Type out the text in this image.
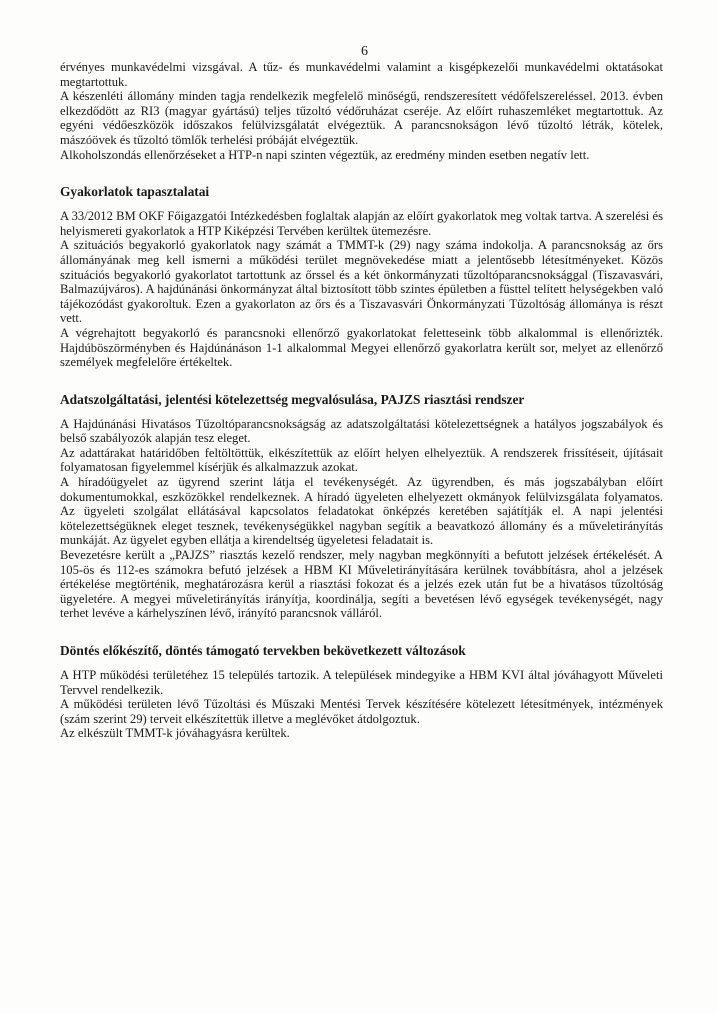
6

érvényes munkavédelmi vizsgával. A tűz- és munkavédelmi valamint a kisgépkezelői munkavédelmi oktatásokat megtartottuk.

A készenléti állomány minden tagja rendelkezik megfelelő minőségű, rendszeresített védőfelszereléssel. 2013. évben elkezdődött az RI3 (magyar gyártású) teljes tűzoltó védőruházat cseréje. Az előírt ruhaszemléket megtartottuk. Az egyéni védőeszközök időszakos felülvizsgálatát elvégeztük. A parancsnokságon lévő tűzoltó létrák, kötelek, mászóövek és tűzoltó tömlők terhelési próbáját elvégeztük.

Alkoholszondás ellenőrzéseket a HTP-n napi szinten végeztük, az eredmény minden esetben negatív lett.

Gyakorlatok tapasztalatai

A 33/2012 BM OKF Főigazgatói Intézkedésben foglaltak alapján az előírt gyakorlatok meg voltak tartva. A szerelési és helyismereti gyakorlatok a HTP Kiképzési Tervében kerültek ütemezésre.

A szituációs begyakorló gyakorlatok nagy számát a TMMT-k (29) nagy száma indokolja. A parancsnokság az őrs állományának meg kell ismerni a működési terület megnövekedése miatt a jelentősebb létesítményeket. Közös szituációs begyakorló gyakorlatot tartottunk az őrssel és a két önkormányzati tűzoltóparancsnoksággal (Tiszavasvári, Balmazújváros). A hajdúnánási önkormányzat által biztosított több szintes épületben a füsttel telített helységekben való tájékozódást gyakoroltuk. Ezen a gyakorlaton az őrs és a Tiszavasvári Önkormányzati Tűzoltóság állománya is részt vett.

A végrehajtott begyakorló és parancsnoki ellenőrző gyakorlatokat feletteseink több alkalommal is ellenőrizték. Hajdúböszörményben és Hajdúnánáson 1-1 alkalommal Megyei ellenőrző gyakorlatra került sor, melyet az ellenőrző személyek megfelelőre értékeltek.

Adatszolgáltatási, jelentési kötelezettség megvalósulása, PAJZS riasztási rendszer

A Hajdúnánási Hivatásos Tűzoltóparancsnokságság az adatszolgáltatási kötelezettségnek a hatályos jogszabályok és belső szabályozók alapján tesz eleget.

Az adattárakat határidőben feltöltöttük, elkészítettük az előírt helyen elhelyeztük. A rendszerek frissítéseit, újításait folyamatosan figyelemmel kísérjük és alkalmazzuk azokat.

A híradóügyelet az ügyrend szerint látja el tevékenységét. Az ügyrendben, és más jogszabályban előírt dokumentumokkal, eszközökkel rendelkeznek. A híradó ügyeleten elhelyezett okmányok felülvizsgálata folyamatos. Az ügyeleti szolgálat ellátásával kapcsolatos feladatokat önképzés keretében sajátítják el. A napi jelentési kötelezettségüknek eleget tesznek, tevékenységükkel nagyban segítik a beavatkozó állomány és a műveletirányítás munkáját. Az ügyelet egyben ellátja a kirendeltség ügyeletesi feladatait is.

Bevezetésre került a „PAJZS” riasztás kezelő rendszer, mely nagyban megkönnyíti a befutott jelzések értékelését. A 105-ös és 112-es számokra befutó jelzések a HBM KI Műveletirányítására kerülnek továbbításra, ahol a jelzések értékelése megtörténik, meghatározásra kerül a riasztási fokozat és a jelzés ezek után fut be a hivatásos tűzoltóság ügyeletére. A megyei műveletirányítás irányítja, koordinálja, segíti a bevetésen lévő egységek tevékenységét, nagy terhet levéve a kárhelyszínen lévő, irányító parancsnok válláról.

Döntés előkészítő, döntés támogató tervekben bekövetkezett változások

A HTP működési területéhez 15 település tartozik. A települések mindegyike a HBM KVI által jóváhagyott Műveleti Tervvel rendelkezik.

A működési területen lévő Tűzoltási és Műszaki Mentési Tervek készítésére kötelezett létesítmények, intézmények (szám szerint 29) terveit elkészítettük illetve a meglévőket átdolgoztuk.

Az elkészült TMMT-k jóváhagyásra kerültek.
